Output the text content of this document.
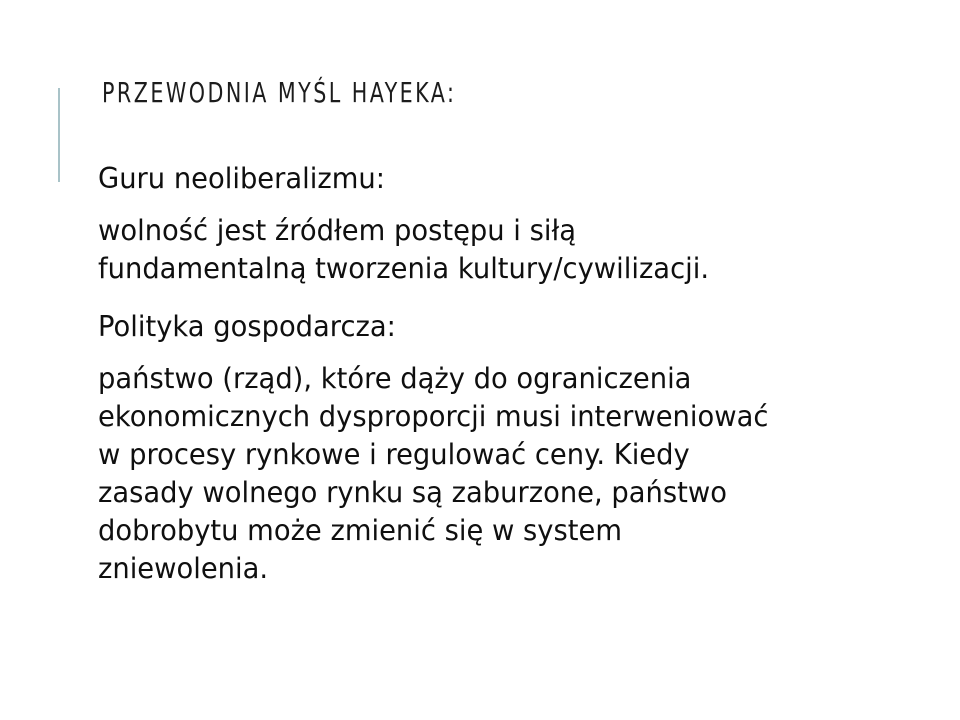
PRZEWODNIA MYŚL HAYEKA:

Guru neoliberalizmu:

wolność jest źródłem postępu i siłą
fundamentalną tworzenia kultury/cywilizacji.

Polityka gospodarcza:

państwo (rząd), które dąży do ograniczenia
ekonomicznych dysproporcji musi interweniować
w procesy rynkowe i regulować ceny. Kiedy
zasady wolnego rynku są zaburzone, państwo
dobrobytu może zmienić się w system
zniewolenia.
